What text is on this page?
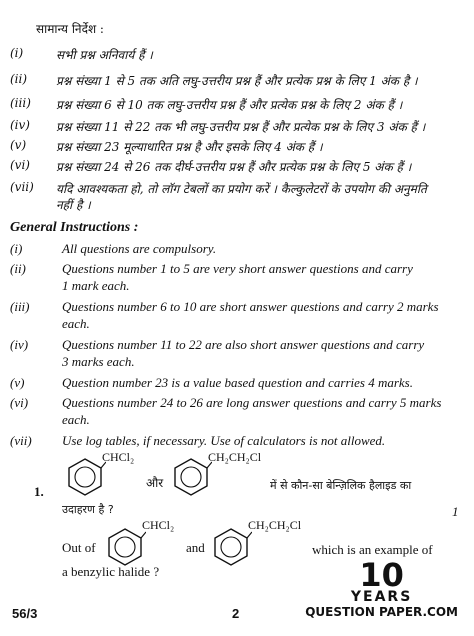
सामान्य निर्देश :
(i)	सभी प्रश्न अनिवार्य हैं ।
(ii) प्रश्न संख्या 1 से 5 तक अति लघु-उत्तरीय प्रश्न हैं और प्रत्येक प्रश्न के लिए 1 अंक है ।
(iii) प्रश्न संख्या 6 से 10 तक लघु-उत्तरीय प्रश्न हैं और प्रत्येक प्रश्न के लिए 2 अंक हैं ।
(iv) प्रश्न संख्या 11 से 22 तक भी लघु-उत्तरीय प्रश्न हैं और प्रत्येक प्रश्न के लिए 3 अंक हैं ।
(v) प्रश्न संख्या 23 मूल्याधारित प्रश्न है और इसके लिए 4 अंक हैं ।
(vi) प्रश्न संख्या 24 से 26 तक दीर्घ-उत्तरीय प्रश्न हैं और प्रत्येक प्रश्न के लिए 5 अंक हैं ।
(vii) यदि आवश्यकता हो, तो लॉग टेबलों का प्रयोग करें । कैल्कुलेटरों के उपयोग की अनुमति
नहीं है ।
General Instructions :
(i)	All questions are compulsory.
(ii)	Questions number 1 to 5 are very short answer questions and carry
1 mark each.
(iii)	Questions number 6 to 10 are short answer questions and carry 2 marks
each.
(iv)	Questions number 11 to 22 are also short answer questions and carry
3 marks each.
(v)	Question number 23 is a value based question and carries 4 marks.
(vi)	Questions number 24 to 26 are long answer questions and carry 5 marks
each.
(vii) Use log tables, if necessary. Use of calculators is not allowed.
1.
CHCl₂
और
CH₂CH₂Cl
में से कौन-सा बेन्ज़िलिक हैलाइड का
उदाहरण है ?	1
Out of
CHCl₂
and
CH₂CH₂Cl
which is an example of
a benzylic halide ?	10
YEARS
QUESTION PAPER.COM
56/3	2
